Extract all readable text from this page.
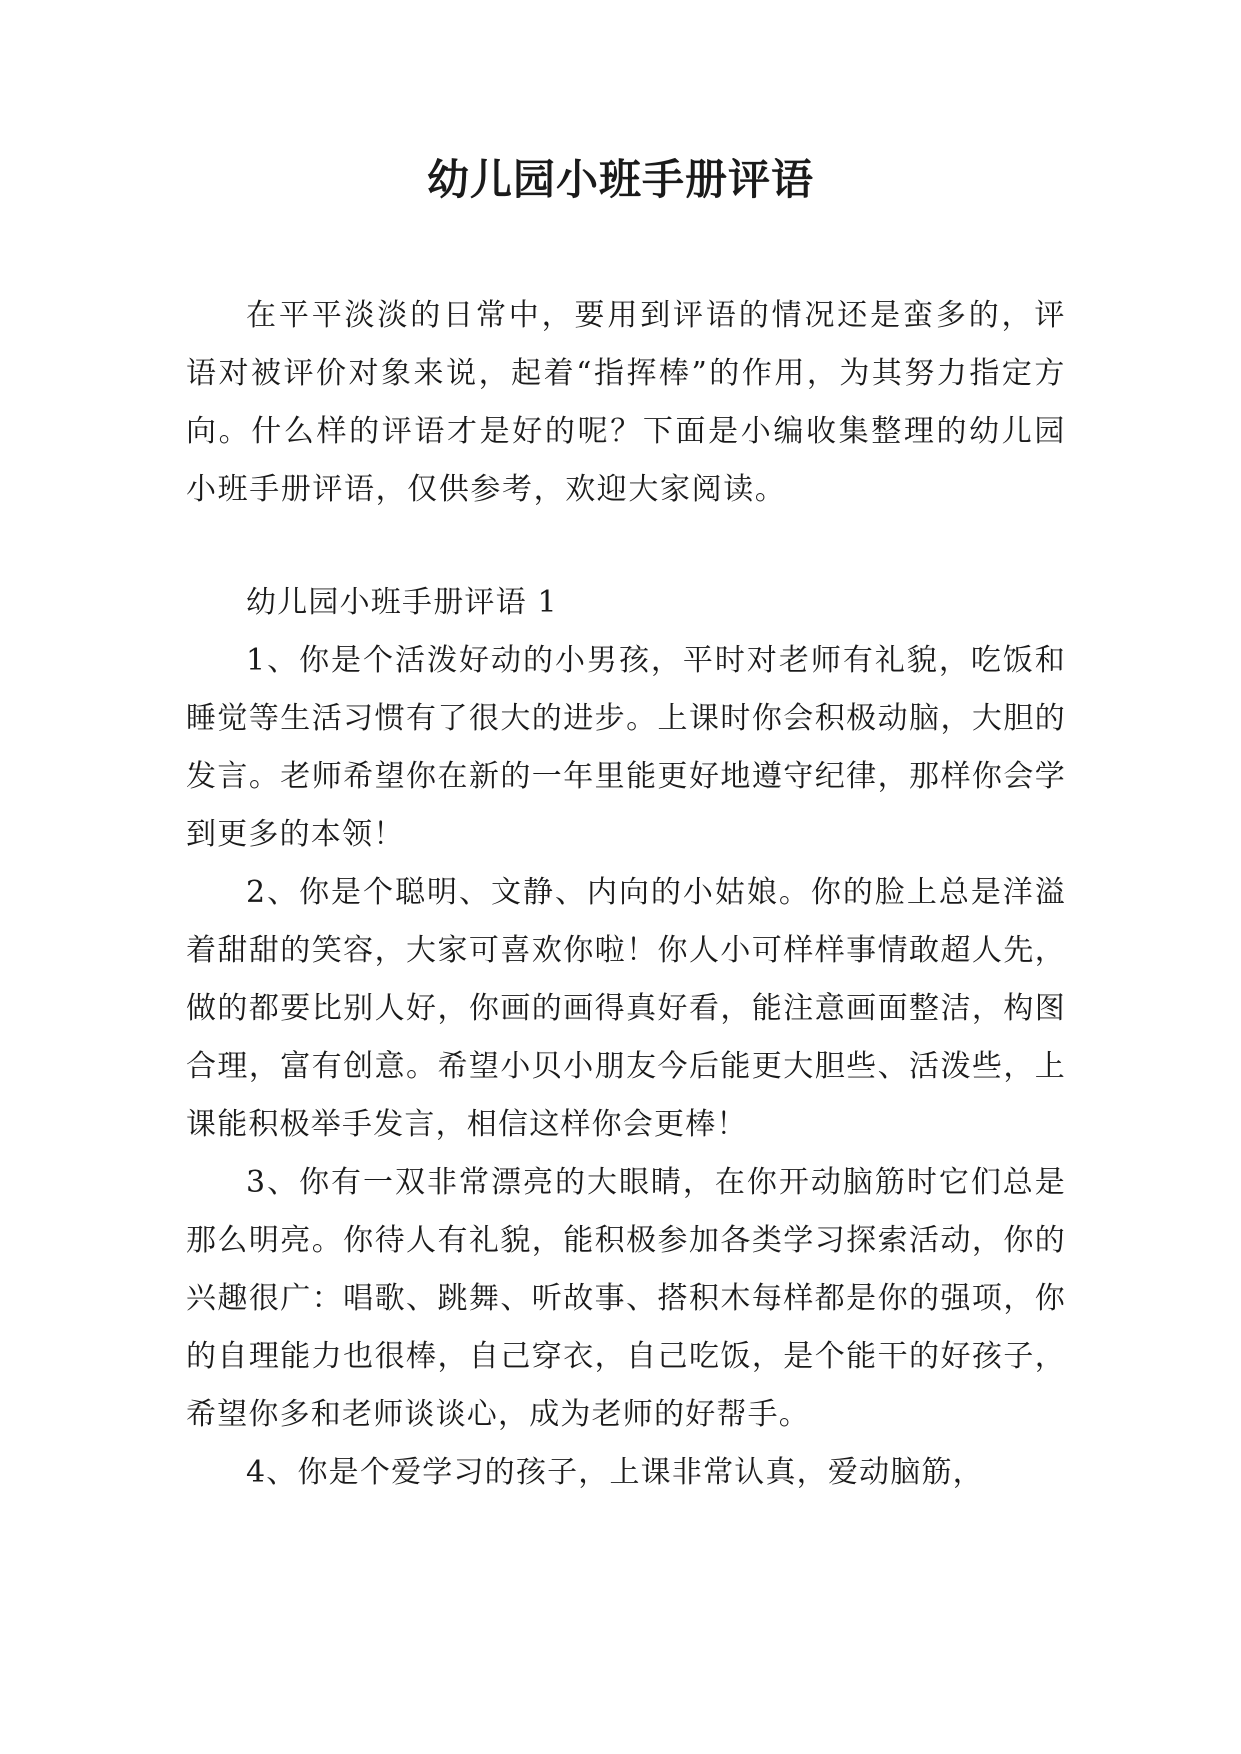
幼儿园小班手册评语

在平平淡淡的日常中，要用到评语的情况还是蛮多的，评语对被评价对象来说，起着“指挥棒”的作用，为其努力指定方向。什么样的评语才是好的呢？下面是小编收集整理的幼儿园小班手册评语，仅供参考，欢迎大家阅读。

幼儿园小班手册评语 1

1、你是个活泼好动的小男孩，平时对老师有礼貌，吃饭和睡觉等生活习惯有了很大的进步。上课时你会积极动脑，大胆的发言。老师希望你在新的一年里能更好地遵守纪律，那样你会学到更多的本领！

2、你是个聪明、文静、内向的小姑娘。你的脸上总是洋溢着甜甜的笑容，大家可喜欢你啦！你人小可样样事情敢超人先，做的都要比别人好，你画的画得真好看，能注意画面整洁，构图合理，富有创意。希望小贝小朋友今后能更大胆些、活泼些，上课能积极举手发言，相信这样你会更棒！

3、你有一双非常漂亮的大眼睛，在你开动脑筋时它们总是那么明亮。你待人有礼貌，能积极参加各类学习探索活动，你的兴趣很广：唱歌、跳舞、听故事、搭积木每样都是你的强项，你的自理能力也很棒，自己穿衣，自己吃饭，是个能干的好孩子，希望你多和老师谈谈心，成为老师的好帮手。

4、你是个爱学习的孩子，上课非常认真，爱动脑筋，
